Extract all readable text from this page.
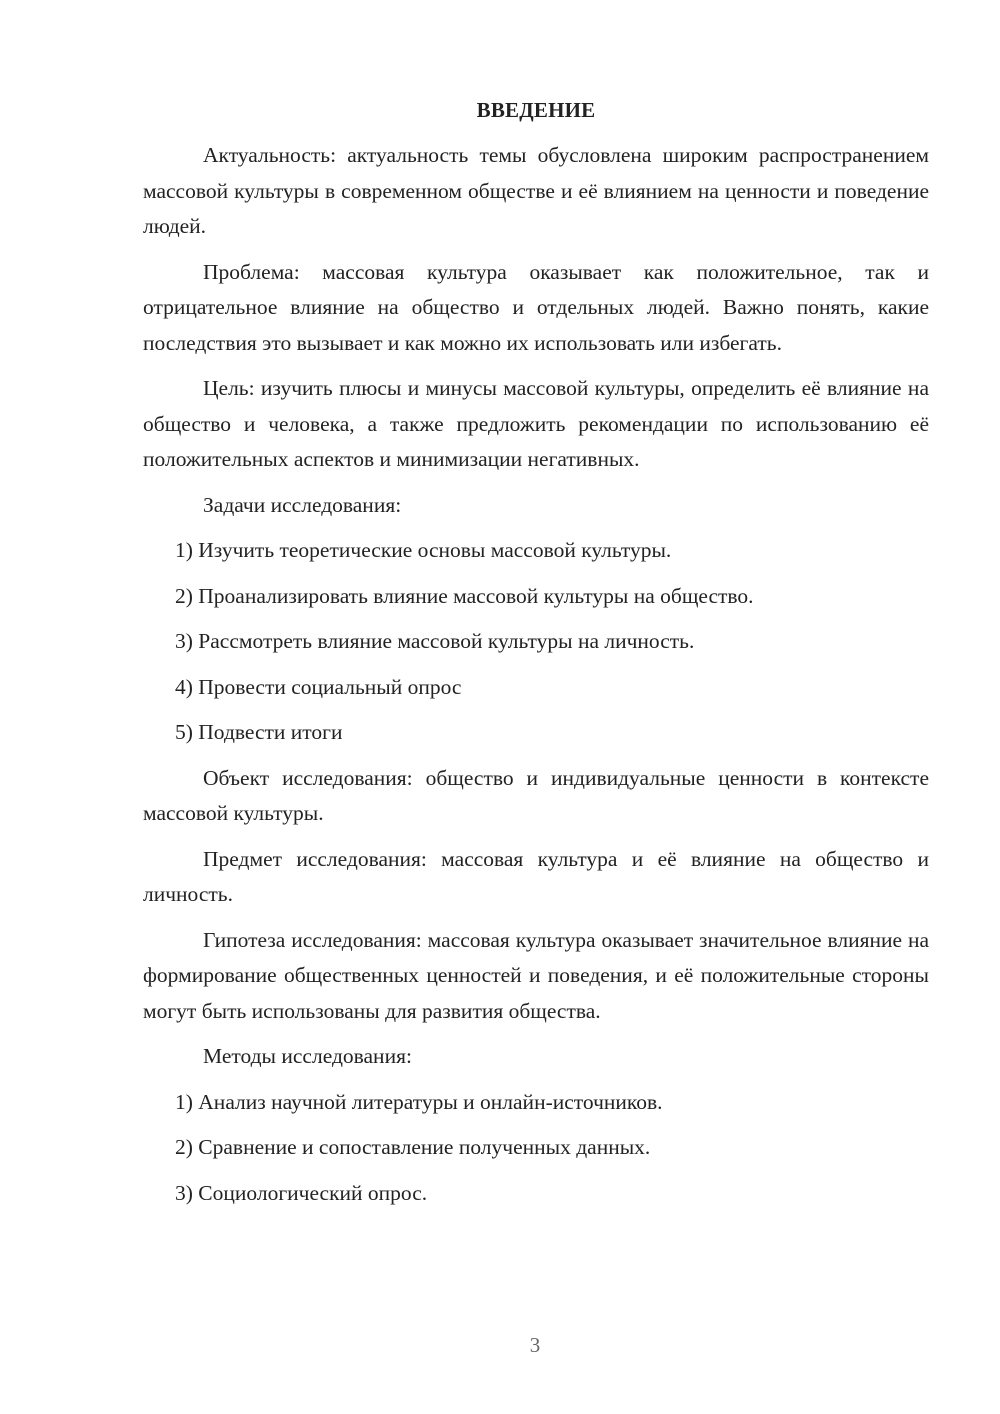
ВВЕДЕНИЕ

Актуальность: актуальность темы обусловлена широким распространением массовой культуры в современном обществе и её влиянием на ценности и поведение людей.

Проблема: массовая культура оказывает как положительное, так и отрицательное влияние на общество и отдельных людей. Важно понять, какие последствия это вызывает и как можно их использовать или избегать.

Цель: изучить плюсы и минусы массовой культуры, определить её влияние на общество и человека, а также предложить рекомендации по использованию её положительных аспектов и минимизации негативных.

Задачи исследования:

1) Изучить теоретические основы массовой культуры.

2) Проанализировать влияние массовой культуры на общество.

3) Рассмотреть влияние массовой культуры на личность.

4) Провести социальный опрос

5) Подвести итоги

Объект исследования: общество и индивидуальные ценности в контексте массовой культуры.

Предмет исследования: массовая культура и её влияние на общество и личность.

Гипотеза исследования: массовая культура оказывает значительное влияние на формирование общественных ценностей и поведения, и её положительные стороны могут быть использованы для развития общества.

Методы исследования:

1) Анализ научной литературы и онлайн-источников.

2) Сравнение и сопоставление полученных данных.

3) Социологический опрос.

3
